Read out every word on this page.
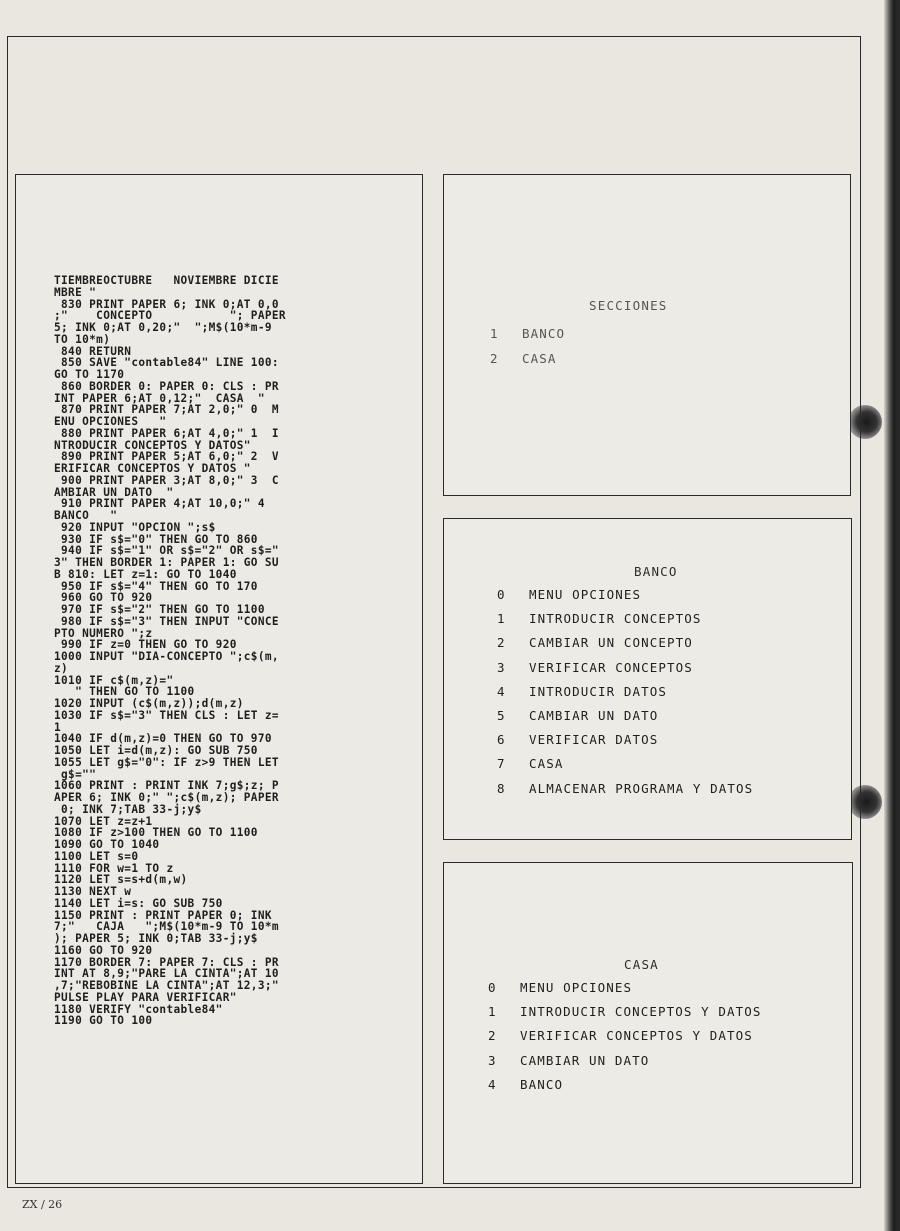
TIEMBREOCTUBRE   NOVIEMBRE DICIE
MBRE "
830 PRINT PAPER 6; INK 0;AT 0,0
;"    CONCEPTO           "; PAPER
5; INK 0;AT 0,20;"  ";M$(10*m-9
TO 10*m)
840 RETURN
850 SAVE "contable84" LINE 100:
GO TO 1170
860 BORDER 0: PAPER 0: CLS : PR
INT PAPER 6;AT 0,12;"  CASA  "
870 PRINT PAPER 7;AT 2,0;" 0  M
ENU OPCIONES   "
880 PRINT PAPER 6;AT 4,0;" 1  I
NTRODUCIR CONCEPTOS Y DATOS"
890 PRINT PAPER 5;AT 6,0;" 2  V
ERIFICAR CONCEPTOS Y DATOS "
900 PRINT PAPER 3;AT 8,0;" 3  C
AMBIAR UN DATO  "
910 PRINT PAPER 4;AT 10,0;" 4
BANCO   "
920 INPUT "OPCION ";s$
930 IF s$="0" THEN GO TO 860
940 IF s$="1" OR s$="2" OR s$="
3" THEN BORDER 1: PAPER 1: GO SU
B 810: LET z=1: GO TO 1040
950 IF s$="4" THEN GO TO 170
960 GO TO 920
970 IF s$="2" THEN GO TO 1100
980 IF s$="3" THEN INPUT "CONCE
PTO NUMERO ";z
990 IF z=0 THEN GO TO 920
1000 INPUT "DIA-CONCEPTO ";c$(m,
z)
1010 IF c$(m,z)="
" THEN GO TO 1100
1020 INPUT (c$(m,z));d(m,z)
1030 IF s$="3" THEN CLS : LET z=
1
1040 IF d(m,z)=0 THEN GO TO 970
1050 LET i=d(m,z): GO SUB 750
1055 LET g$="0": IF z>9 THEN LET
g$=""
1060 PRINT : PRINT INK 7;g$;z; P
APER 6; INK 0;" ";c$(m,z); PAPER
0; INK 7;TAB 33-j;y$
1070 LET z=z+1
1080 IF z>100 THEN GO TO 1100
1090 GO TO 1040
1100 LET s=0
1110 FOR w=1 TO z
1120 LET s=s+d(m,w)
1130 NEXT w
1140 LET i=s: GO SUB 750
1150 PRINT : PRINT PAPER 0; INK
7;"   CAJA   ";M$(10*m-9 TO 10*m
); PAPER 5; INK 0;TAB 33-j;y$
1160 GO TO 920
1170 BORDER 7: PAPER 7: CLS : PR
INT AT 8,9;"PARE LA CINTA";AT 10
,7;"REBOBINE LA CINTA";AT 12,3;"
PULSE PLAY PARA VERIFICAR"
1180 VERIFY "contable84"
1190 GO TO 100
SECCIONES
1 BANCO
2 CASA
BANCO
0 MENU OPCIONES
1 INTRODUCIR CONCEPTOS
2 CAMBIAR UN CONCEPTO
3 VERIFICAR CONCEPTOS
4 INTRODUCIR DATOS
5 CAMBIAR UN DATO
6 VERIFICAR DATOS
7 CASA
8 ALMACENAR PROGRAMA Y DATOS
CASA
0 MENU OPCIONES
1 INTRODUCIR CONCEPTOS Y DATOS
2 VERIFICAR CONCEPTOS Y DATOS
3 CAMBIAR UN DATO
4 BANCO
ZX / 26
